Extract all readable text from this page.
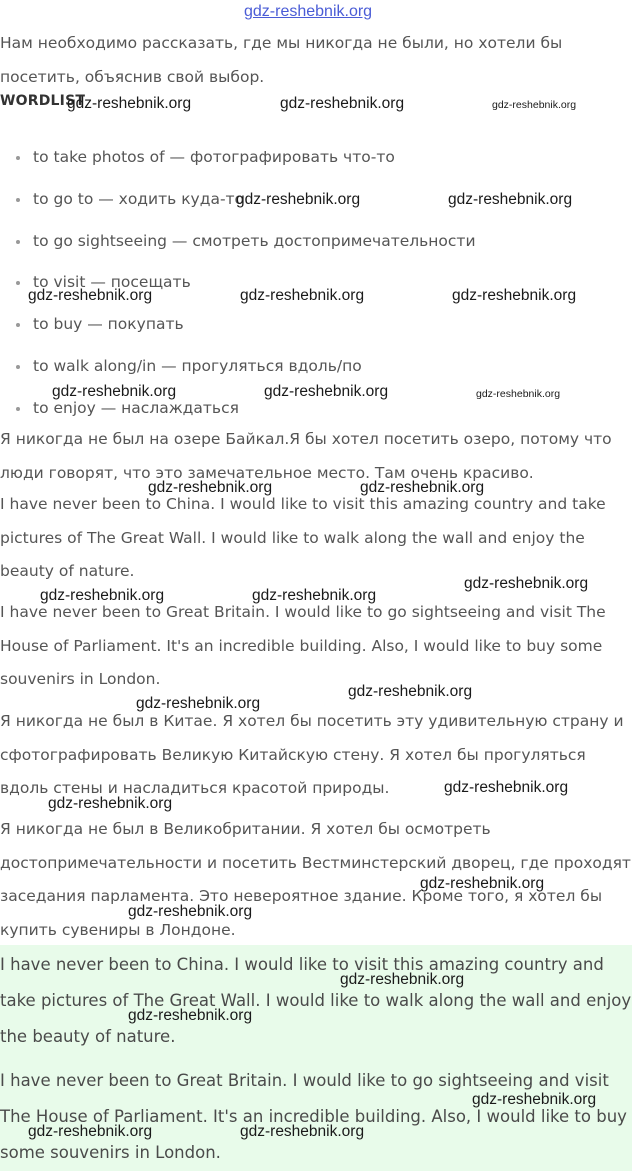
gdz-reshebnik.org

Нам необходимо рассказать, где мы никогда не были, но хотели бы посетить, объяснив свой выбор.

WORDLIST
to take photos of — фотографировать что-то
to go to — ходить куда-то
to go sightseeing — смотреть достопримечательности
to visit — посещать
to buy — покупать
to walk along/in — прогуляться вдоль/по
to enjoy — наслаждаться

Я никогда не был на озере Байкал.Я бы хотел посетить озеро, потому что люди говорят, что это замечательное место. Там очень красиво.

I have never been to China. I would like to visit this amazing country and take pictures of The Great Wall. I would like to walk along the wall and enjoy the beauty of nature.

I have never been to Great Britain. I would like to go sightseeing and visit The House of Parliament. It's an incredible building. Also, I would like to buy some souvenirs in London.

Я никогда не был в Китае. Я хотел бы посетить эту удивительную страну и сфотографировать Великую Китайскую стену. Я хотел бы прогуляться вдоль стены и насладиться красотой природы.

Я никогда не был в Великобритании. Я хотел бы осмотреть достопримечательности и посетить Вестминстерский дворец, где проходят заседания парламента. Это невероятное здание. Кроме того, я хотел бы купить сувениры в Лондоне.

I have never been to China. I would like to visit this amazing country and take pictures of The Great Wall. I would like to walk along the wall and enjoy the beauty of nature.

I have never been to Great Britain. I would like to go sightseeing and visit The House of Parliament. It's an incredible building. Also, I would like to buy some souvenirs in London.

gdz-reshebnik.org	gdz-reshebnik.org	gdz-reshebnik.org
gdz-reshebnik.org	gdz-reshebnik.org
gdz-reshebnik.org	gdz-reshebnik.org	gdz-reshebnik.org
gdz-reshebnik.org	gdz-reshebnik.org	gdz-reshebnik.org
gdz-reshebnik.org	gdz-reshebnik.org
gdz-reshebnik.org
gdz-reshebnik.org	gdz-reshebnik.org
gdz-reshebnik.org
gdz-reshebnik.org
gdz-reshebnik.org
gdz-reshebnik.org
gdz-reshebnik.org
gdz-reshebnik.org
gdz-reshebnik.org
gdz-reshebnik.org
gdz-reshebnik.org
gdz-reshebnik.org	gdz-reshebnik.org
